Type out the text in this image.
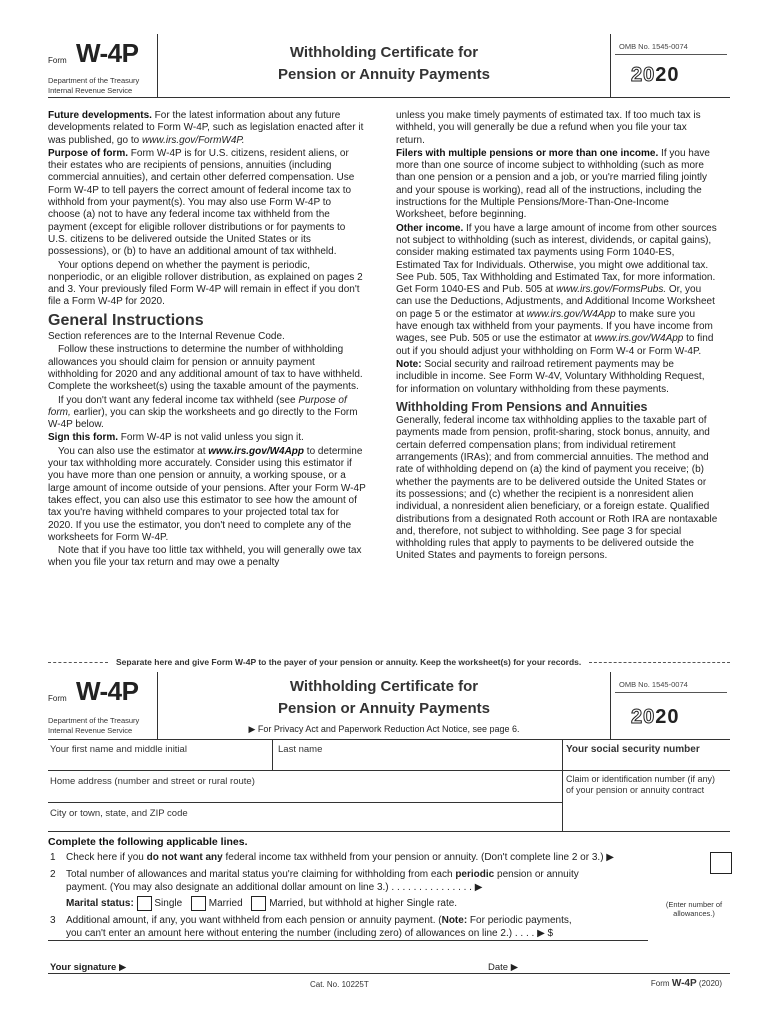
Form W-4P
Department of the Treasury
Internal Revenue Service
Withholding Certificate for
Pension or Annuity Payments
OMB No. 1545-0074
2020

Future developments. For the latest information about any future developments related to Form W-4P, such as legislation enacted after it was published, go to www.irs.gov/FormW4P.

Purpose of form. Form W-4P is for U.S. citizens, resident aliens, or their estates who are recipients of pensions, annuities (including commercial annuities), and certain other deferred compensation. Use Form W-4P to tell payers the correct amount of federal income tax to withhold from your payment(s). You may also use Form W-4P to choose (a) not to have any federal income tax withheld from the payment (except for eligible rollover distributions or for payments to U.S. citizens to be delivered outside the United States or its possessions), or (b) to have an additional amount of tax withheld.

Your options depend on whether the payment is periodic, nonperiodic, or an eligible rollover distribution, as explained on pages 2 and 3. Your previously filed Form W-4P will remain in effect if you don't file a Form W-4P for 2020.

General Instructions

Section references are to the Internal Revenue Code.

Follow these instructions to determine the number of withholding allowances you should claim for pension or annuity payment withholding for 2020 and any additional amount of tax to have withheld. Complete the worksheet(s) using the taxable amount of the payments.

If you don't want any federal income tax withheld (see Purpose of form, earlier), you can skip the worksheets and go directly to the Form W-4P below.

Sign this form. Form W-4P is not valid unless you sign it.

You can also use the estimator at www.irs.gov/W4App to determine your tax withholding more accurately. Consider using this estimator if you have more than one pension or annuity, a working spouse, or a large amount of income outside of your pensions. After your Form W-4P takes effect, you can also use this estimator to see how the amount of tax you're having withheld compares to your projected total tax for 2020. If you use the estimator, you don't need to complete any of the worksheets for Form W-4P.

Note that if you have too little tax withheld, you will generally owe tax when you file your tax return and may owe a penalty

unless you make timely payments of estimated tax. If too much tax is withheld, you will generally be due a refund when you file your tax return.

Filers with multiple pensions or more than one income. If you have more than one source of income subject to withholding (such as more than one pension or a pension and a job, or you're married filing jointly and your spouse is working), read all of the instructions, including the instructions for the Multiple Pensions/More-Than-One-Income Worksheet, before beginning.

Other income. If you have a large amount of income from other sources not subject to withholding (such as interest, dividends, or capital gains), consider making estimated tax payments using Form 1040-ES, Estimated Tax for Individuals. Otherwise, you might owe additional tax. See Pub. 505, Tax Withholding and Estimated Tax, for more information. Get Form 1040-ES and Pub. 505 at www.irs.gov/FormsPubs. Or, you can use the Deductions, Adjustments, and Additional Income Worksheet on page 5 or the estimator at www.irs.gov/W4App to make sure you have enough tax withheld from your payments. If you have income from wages, see Pub. 505 or use the estimator at www.irs.gov/W4App to find out if you should adjust your withholding on Form W-4 or Form W-4P.

Note: Social security and railroad retirement payments may be includible in income. See Form W-4V, Voluntary Withholding Request, for information on voluntary withholding from these payments.

Withholding From Pensions and Annuities

Generally, federal income tax withholding applies to the taxable part of payments made from pension, profit-sharing, stock bonus, annuity, and certain deferred compensation plans; from individual retirement arrangements (IRAs); and from commercial annuities. The method and rate of withholding depend on (a) the kind of payment you receive; (b) whether the payments are to be delivered outside the United States or its possessions; and (c) whether the recipient is a nonresident alien individual, a nonresident alien beneficiary, or a foreign estate. Qualified distributions from a designated Roth account or Roth IRA are nontaxable and, therefore, not subject to withholding. See page 3 for special withholding rules that apply to payments to be delivered outside the United States and payments to foreign persons.

Separate here and give Form W-4P to the payer of your pension or annuity. Keep the worksheet(s) for your records.
Form W-4P
Department of the Treasury
Internal Revenue Service
Withholding Certificate for
Pension or Annuity Payments
▶ For Privacy Act and Paperwork Reduction Act Notice, see page 6.
OMB No. 1545-0074
2020
Your first name and middle initial	Last name	Your social security number
Home address (number and street or rural route)	Claim or identification number (if any) of your pension or annuity contract
City or town, state, and ZIP code
Complete the following applicable lines.
1 Check here if you do not want any federal income tax withheld from your pension or annuity. (Don't complete line 2 or 3.) ▶
2 Total number of allowances and marital status you're claiming for withholding from each periodic pension or annuity
payment. (You may also designate an additional dollar amount on line 3.) . . . . . . . . . . . . . . . ▶
Marital status: Single	Married	Married, but withhold at higher Single rate.	(Enter number of allowances.)
3 Additional amount, if any, you want withheld from each pension or annuity payment. (Note: For periodic payments,
you can't enter an amount here without entering the number (including zero) of allowances on line 2.) . . . . ▶ $
Your signature ▶	Date ▶
Cat. No. 10225T	Form W-4P (2020)
